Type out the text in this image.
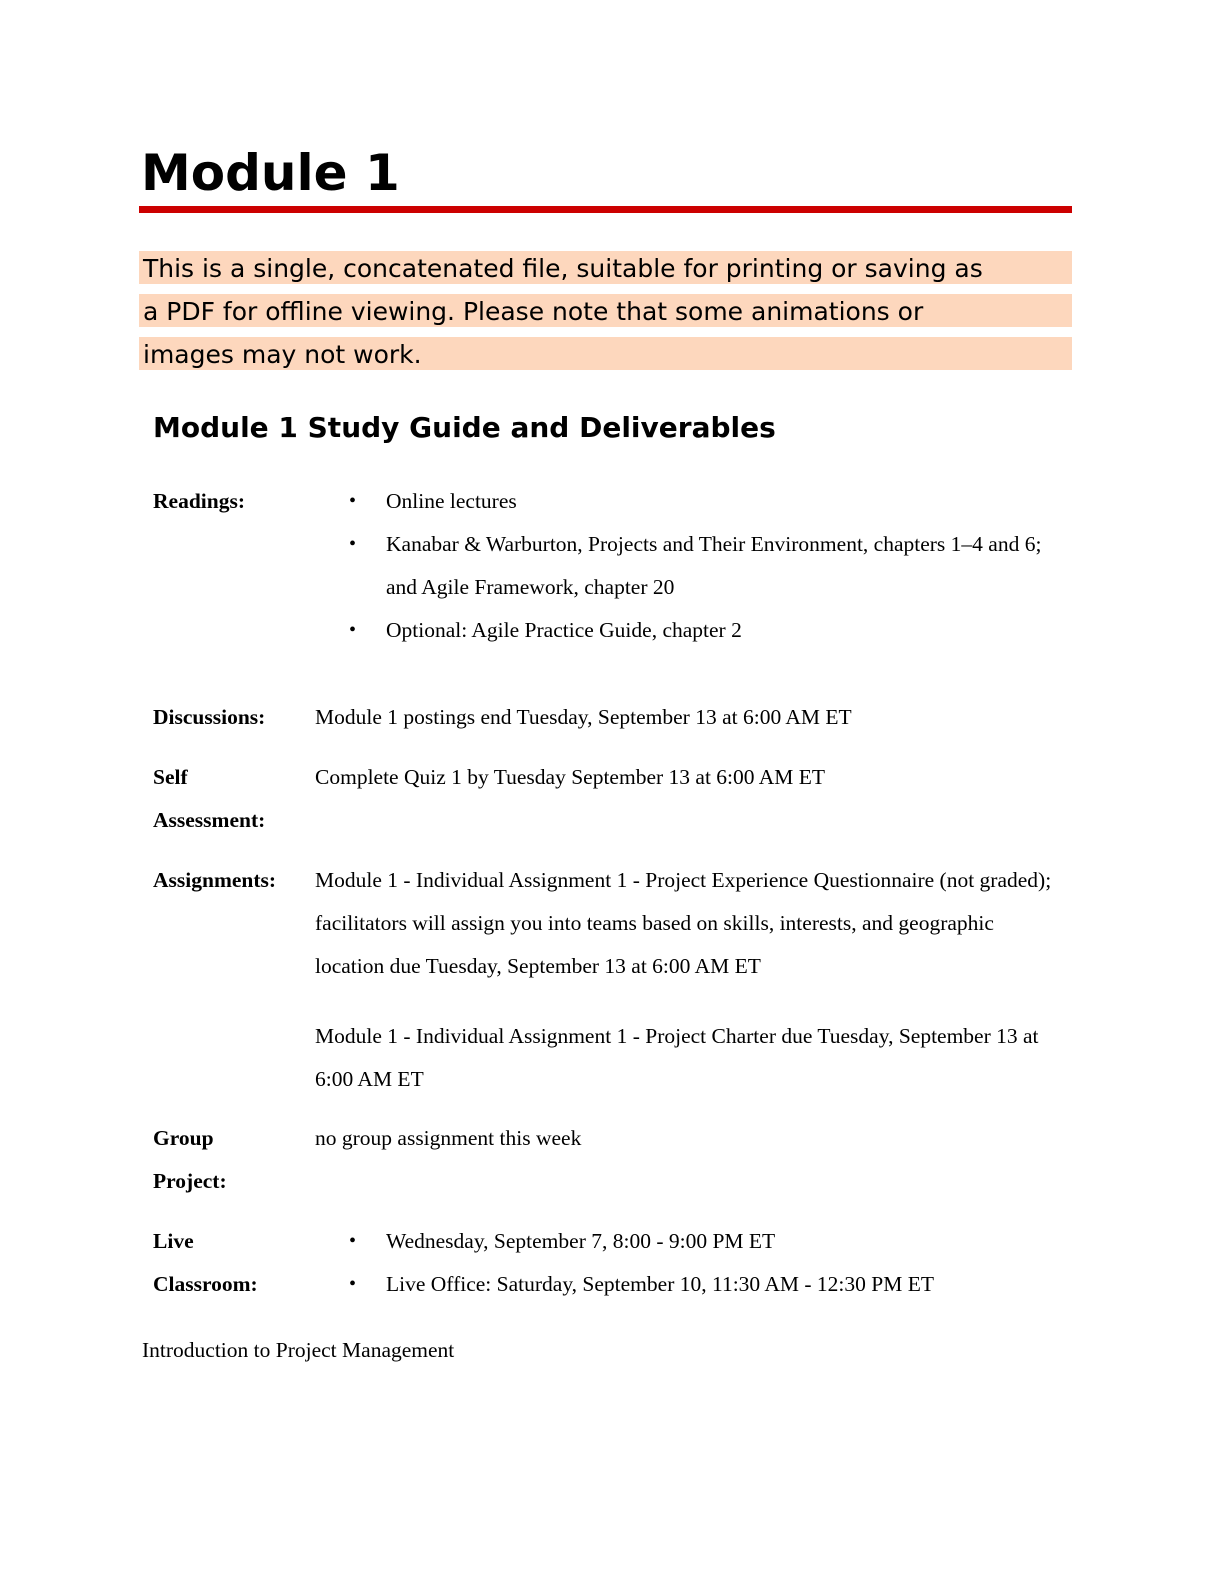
Module 1
This is a single, concatenated file, suitable for printing or saving as
a PDF for offline viewing. Please note that some animations or
images may not work.
Module 1 Study Guide and Deliverables
Readings:
•	Online lectures
• Kanabar & Warburton, Projects and Their Environment, chapters 1–4 and 6; and Agile Framework, chapter 20
• Optional: Agile Practice Guide, chapter 2
Discussions:	Module 1 postings end Tuesday, September 13 at 6:00 AM ET
Self Assessment:
Complete Quiz 1 by Tuesday September 13 at 6:00 AM ET
Assignments:	Module 1 - Individual Assignment 1 - Project Experience Questionnaire (not graded); facilitators will assign you into teams based on skills, interests, and geographic location due Tuesday, September 13 at 6:00 AM ET

Module 1 - Individual Assignment 1 - Project Charter due Tuesday, September 13 at 6:00 AM ET

Group Project:
no group assignment this week
Live Classroom:
• Wednesday, September 7, 8:00 - 9:00 PM ET
• Live Office: Saturday, September 10, 11:30 AM - 12:30 PM ET
Introduction to Project Management
